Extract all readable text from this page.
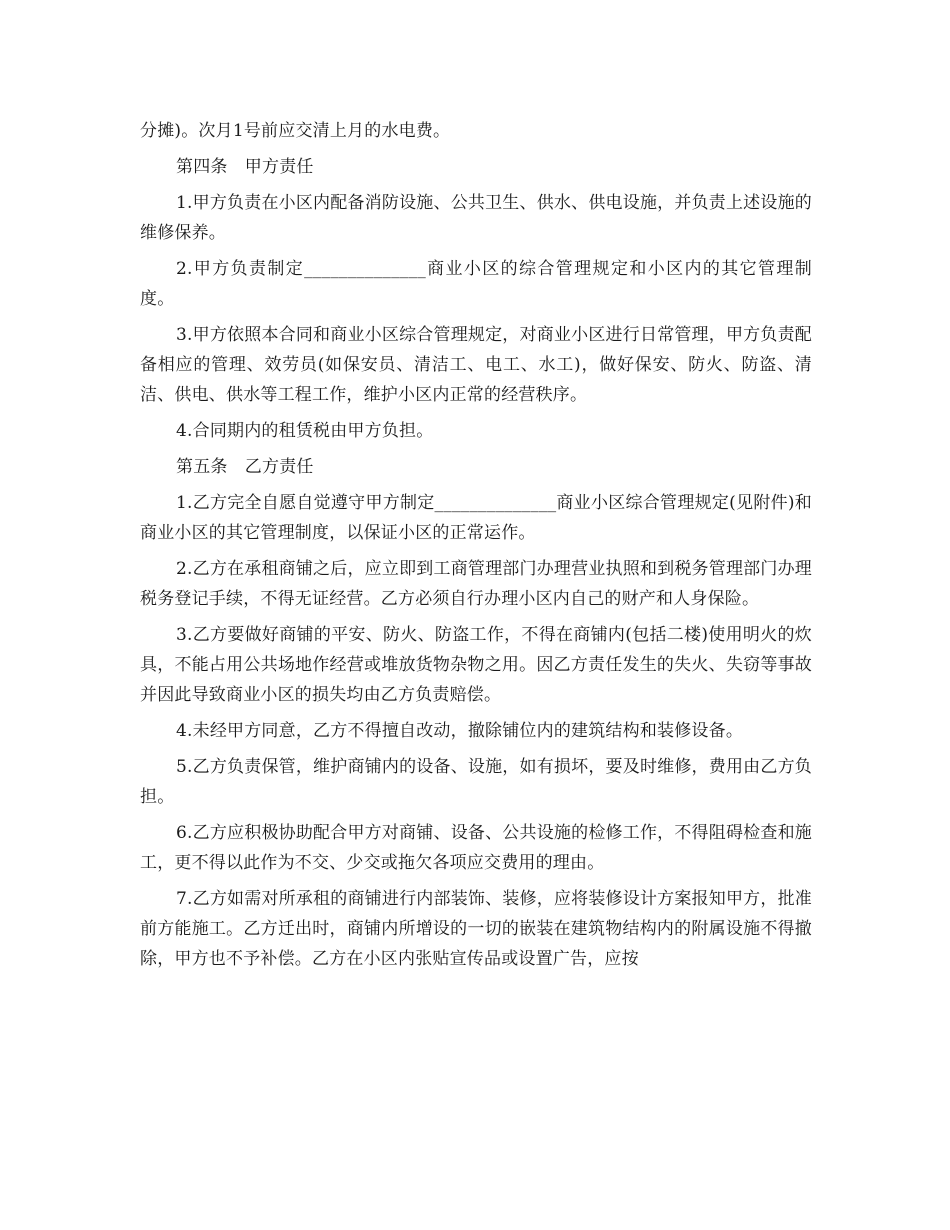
分摊)。次月1号前应交清上月的水电费。

第四条　甲方责任

1.甲方负责在小区内配备消防设施、公共卫生、供水、供电设施，并负责上述设施的维修保养。

2.甲方负责制定______________商业小区的综合管理规定和小区内的其它管理制度。

3.甲方依照本合同和商业小区综合管理规定，对商业小区进行日常管理，甲方负责配备相应的管理、效劳员(如保安员、清洁工、电工、水工)，做好保安、防火、防盗、清洁、供电、供水等工程工作，维护小区内正常的经营秩序。

4.合同期内的租赁税由甲方负担。

第五条　乙方责任

1.乙方完全自愿自觉遵守甲方制定______________商业小区综合管理规定(见附件)和商业小区的其它管理制度，以保证小区的正常运作。

2.乙方在承租商铺之后，应立即到工商管理部门办理营业执照和到税务管理部门办理税务登记手续，不得无证经营。乙方必须自行办理小区内自己的财产和人身保险。

3.乙方要做好商铺的平安、防火、防盗工作，不得在商铺内(包括二楼)使用明火的炊具，不能占用公共场地作经营或堆放货物杂物之用。因乙方责任发生的失火、失窃等事故并因此导致商业小区的损失均由乙方负责赔偿。

4.未经甲方同意，乙方不得擅自改动，撤除铺位内的建筑结构和装修设备。

5.乙方负责保管，维护商铺内的设备、设施，如有损坏，要及时维修，费用由乙方负担。

6.乙方应积极协助配合甲方对商铺、设备、公共设施的检修工作，不得阻碍检查和施工，更不得以此作为不交、少交或拖欠各项应交费用的理由。

7.乙方如需对所承租的商铺进行内部装饰、装修，应将装修设计方案报知甲方，批准前方能施工。乙方迁出时，商铺内所增设的一切的嵌装在建筑物结构内的附属设施不得撤除，甲方也不予补偿。乙方在小区内张贴宣传品或设置广告，应按
